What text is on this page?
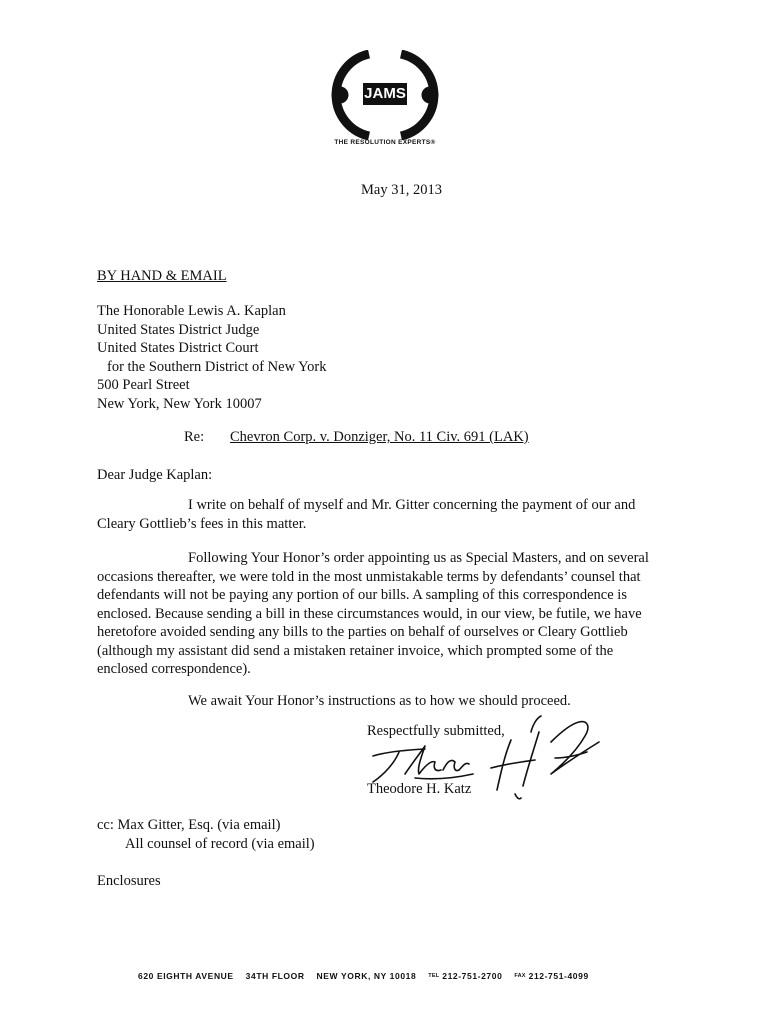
JAMS
THE RESOLUTION EXPERTS®
May 31, 2013
BY HAND & EMAIL
The Honorable Lewis A. Kaplan
United States District Judge
United States District Court
for the Southern District of New York
500 Pearl Street
New York, New York 10007
Re: Chevron Corp. v. Donziger, No. 11 Civ. 691 (LAK)
Dear Judge Kaplan:
I write on behalf of myself and Mr. Gitter concerning the payment of our and
Cleary Gottlieb’s fees in this matter.
Following Your Honor’s order appointing us as Special Masters, and on several
occasions thereafter, we were told in the most unmistakable terms by defendants’ counsel that
defendants will not be paying any portion of our bills. A sampling of this correspondence is
enclosed. Because sending a bill in these circumstances would, in our view, be futile, we have
heretofore avoided sending any bills to the parties on behalf of ourselves or Cleary Gottlieb
(although my assistant did send a mistaken retainer invoice, which prompted some of the
enclosed correspondence).
We await Your Honor’s instructions as to how we should proceed.
Respectfully submitted,
Theodore H. Katz
cc: Max Gitter, Esq. (via email)
All counsel of record (via email)
Enclosures
620 EIGHTH AVENUE 34TH FLOOR NEW YORK, NY 10018 $^{TEL}$ 212-751-2700 $^{FAX}$ 212-751-4099
